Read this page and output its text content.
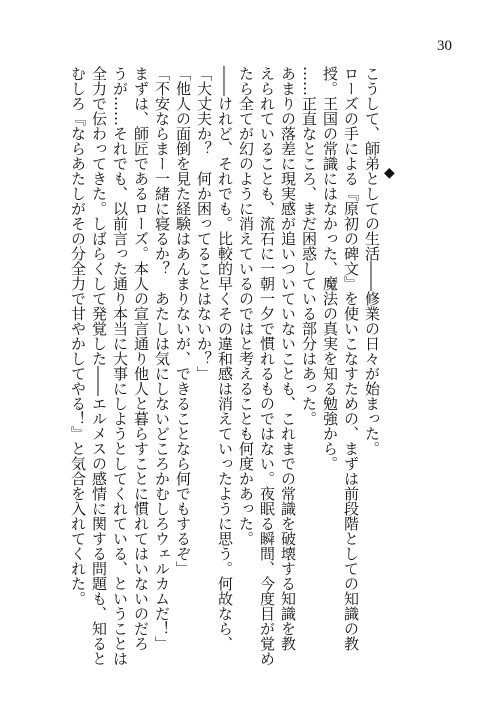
30
◆
こうして、師弟としての生活――修業の日々が始まった。
ローズの手による『原初の碑文』を使いこなすための、まずは前段階としての知識の教
授。王国の常識にはなかった、魔法の真実を知る勉強から。
……正直なところ、まだ困惑している部分はあった。
あまりの落差に現実感が追いついていないことも、これまでの常識を破壊する知識を教
えられていることも、流石に一朝一夕で慣れるものではない。夜眠る瞬間、今度目が覚め
たら全てが幻のように消えているのではと考えることも何度かあった。
――けれど、それでも。比較的早くその違和感は消えていったように思う。何故なら、
「大丈夫か？　何か困ってることはないか？」
「他人の面倒を見た経験はあんまりないが、できることなら何でもするぞ」
「不安ならまー一緒に寝るか？　あたしは気にしないどころかむしろウェルカムだ！」
まずは、師匠であるローズ。本人の宣言通り他人と暮らすことに慣れてはいないのだろ
うが……それでも、以前言った通り本当に大事にしようとしてくれている、ということは
全力で伝わってきた。しばらくして発覚した――エルメスの感情に関する問題も、知ると
むしろ『ならあたしがその分全力で甘やかしてやる！』と気合を入れてくれた。
